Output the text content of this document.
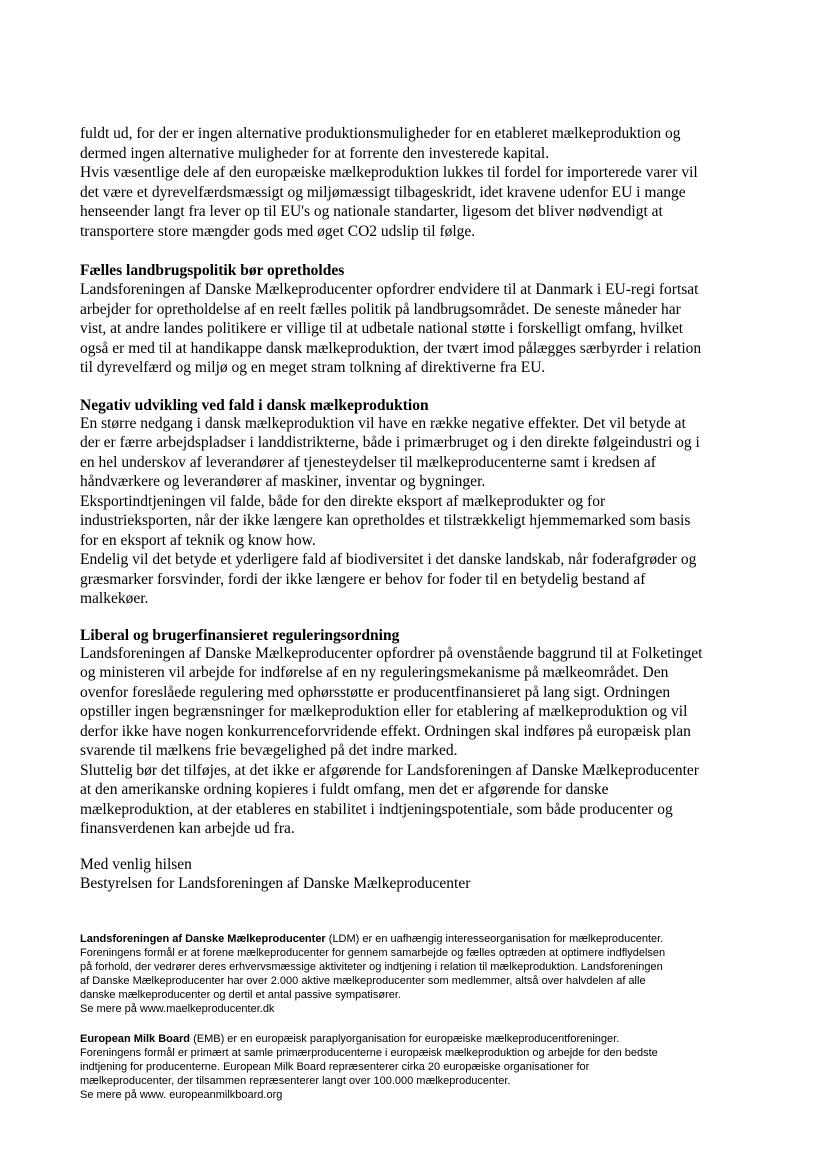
fuldt ud, for der er ingen alternative produktionsmuligheder for en etableret mælkeproduktion og
dermed ingen alternative muligheder for at forrente den investerede kapital.
Hvis væsentlige dele af den europæiske mælkeproduktion lukkes til fordel for importerede varer vil
det være et dyrevelfærdsmæssigt og miljømæssigt tilbageskridt, idet kravene udenfor EU i mange
henseender langt fra lever op til EU's og nationale standarter, ligesom det bliver nødvendigt at
transportere store mængder gods med øget CO2 udslip til følge.
Fælles landbrugspolitik bør opretholdes
Landsforeningen af Danske Mælkeproducenter opfordrer endvidere til at Danmark i EU-regi fortsat
arbejder for opretholdelse af en reelt fælles politik på landbrugsområdet. De seneste måneder har
vist, at andre landes politikere er villige til at udbetale national støtte i forskelligt omfang, hvilket
også er med til at handikappe dansk mælkeproduktion, der tvært imod pålægges særbyrder i relation
til dyrevelfærd og miljø og en meget stram tolkning af direktiverne fra EU.
Negativ udvikling ved fald i dansk mælkeproduktion
En større nedgang i dansk mælkeproduktion vil have en række negative effekter. Det vil betyde at
der er færre arbejdspladser i landdistrikterne, både i primærbruget og i den direkte følgeindustri og i
en hel underskov af leverandører af tjenesteydelser til mælkeproducenterne samt i kredsen af
håndværkere og leverandører af maskiner, inventar og bygninger.
Eksportindtjeningen vil falde, både for den direkte eksport af mælkeprodukter og for
industrieksporten, når der ikke længere kan opretholdes et tilstrækkeligt hjemmemarked som basis
for en eksport af teknik og know how.
Endelig vil det betyde et yderligere fald af biodiversitet i det danske landskab, når foderafgrøder og
græsmarker forsvinder, fordi der ikke længere er behov for foder til en betydelig bestand af
malkekøer.
Liberal og brugerfinansieret reguleringsordning
Landsforeningen af Danske Mælkeproducenter opfordrer på ovenstående baggrund til at Folketinget
og ministeren vil arbejde for indførelse af en ny reguleringsmekanisme på mælkeområdet. Den
ovenfor foreslåede regulering med ophørsstøtte er producentfinansieret på lang sigt. Ordningen
opstiller ingen begrænsninger for mælkeproduktion eller for etablering af mælkeproduktion og vil
derfor ikke have nogen konkurrenceforvridende effekt. Ordningen skal indføres på europæisk plan
svarende til mælkens frie bevægelighed på det indre marked.
Sluttelig bør det tilføjes, at det ikke er afgørende for Landsforeningen af Danske Mælkeproducenter
at den amerikanske ordning kopieres i fuldt omfang, men det er afgørende for danske
mælkeproduktion, at der etableres en stabilitet i indtjeningspotentiale, som både producenter og
finansverdenen kan arbejde ud fra.
Med venlig hilsen
Bestyrelsen for Landsforeningen af Danske Mælkeproducenter
Landsforeningen af Danske Mælkeproducenter (LDM) er en uafhængig interesseorganisation for mælkeproducenter.
Foreningens formål er at forene mælkeproducenter for gennem samarbejde og fælles optræden at optimere indflydelsen
på forhold, der vedrører deres erhvervsmæssige aktiviteter og indtjening i relation til mælkeproduktion. Landsforeningen
af Danske Mælkeproducenter har over 2.000 aktive mælkeproducenter som medlemmer, altså over halvdelen af alle
danske mælkeproducenter og dertil et antal passive sympatisører.
Se mere på www.maelkeproducenter.dk
European Milk Board (EMB) er en europæisk paraplyorganisation for europæiske mælkeproducentforeninger.
Foreningens formål er primært at samle primærproducenterne i europæisk mælkeproduktion og arbejde for den bedste
indtjening for producenterne. European Milk Board repræsenterer cirka 20 europæiske organisationer for
mælkeproducenter, der tilsammen repræsenterer langt over 100.000 mælkeproducenter.
Se mere på www. europeanmilkboard.org
